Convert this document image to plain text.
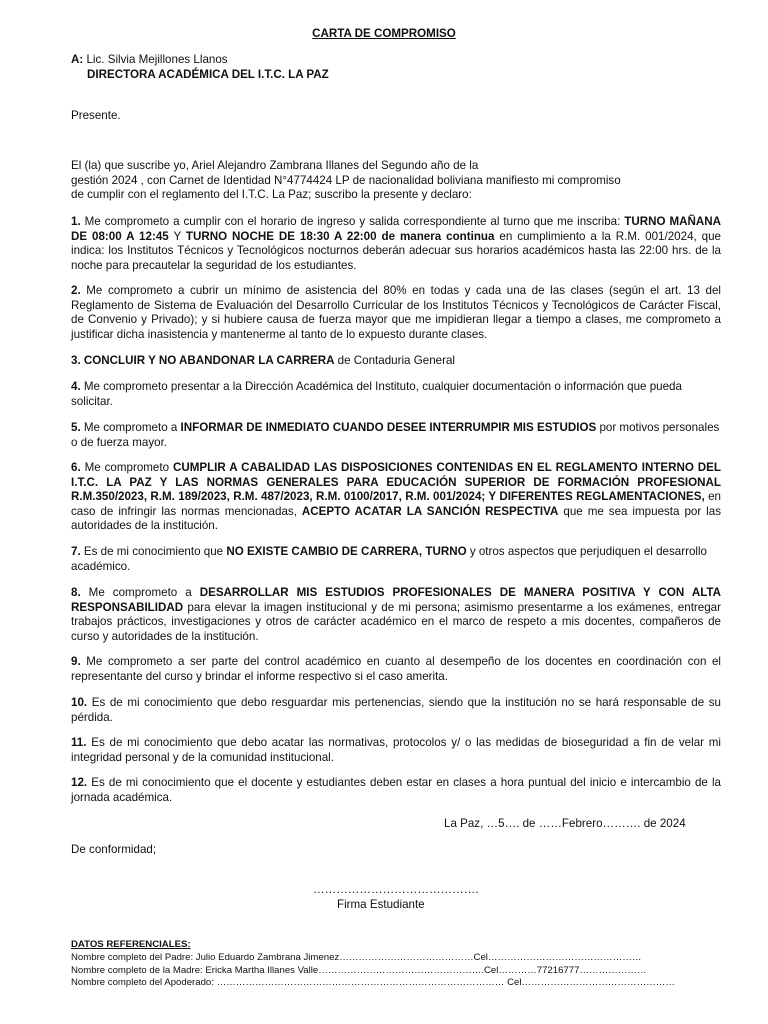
CARTA DE COMPROMISO
A: Lic. Silvia Mejillones Llanos
DIRECTORA ACADÉMICA DEL I.T.C. LA PAZ
Presente.
El (la) que suscribe yo, Ariel Alejandro Zambrana Illanes del Segundo año de la
gestión 2024 , con Carnet de Identidad N°4774424 LP de nacionalidad boliviana manifiesto mi compromiso
de cumplir con el reglamento del I.T.C. La Paz; suscribo la presente y declaro:
1. Me comprometo a cumplir con el horario de ingreso y salida correspondiente al turno que me inscriba: TURNO MAÑANA DE 08:00 A 12:45 Y TURNO NOCHE DE 18:30 A 22:00 de manera continua en cumplimiento a la R.M. 001/2024, que indica: los Institutos Técnicos y Tecnológicos nocturnos deberán adecuar sus horarios académicos hasta las 22:00 hrs. de la noche para precautelar la seguridad de los estudiantes.
2. Me comprometo a cubrir un mínimo de asistencia del 80% en todas y cada una de las clases (según el art. 13 del Reglamento de Sistema de Evaluación del Desarrollo Curricular de los Institutos Técnicos y Tecnológicos de Carácter Fiscal, de Convenio y Privado); y si hubiere causa de fuerza mayor que me impidieran llegar a tiempo a clases, me comprometo a justificar dicha inasistencia y mantenerme al tanto de lo expuesto durante clases.
3. CONCLUIR Y NO ABANDONAR LA CARRERA de Contaduria General
4. Me comprometo presentar a la Dirección Académica del Instituto, cualquier documentación o información que pueda solicitar.
5. Me comprometo a INFORMAR DE INMEDIATO CUANDO DESEE INTERRUMPIR MIS ESTUDIOS por motivos personales o de fuerza mayor.
6. Me comprometo CUMPLIR A CABALIDAD LAS DISPOSICIONES CONTENIDAS EN EL REGLAMENTO INTERNO DEL I.T.C. LA PAZ Y LAS NORMAS GENERALES PARA EDUCACIÓN SUPERIOR DE FORMACIÓN PROFESIONAL R.M.350/2023, R.M. 189/2023, R.M. 487/2023, R.M. 0100/2017, R.M. 001/2024; Y DIFERENTES REGLAMENTACIONES, en caso de infringir las normas mencionadas, ACEPTO ACATAR LA SANCIÓN RESPECTIVA que me sea impuesta por las autoridades de la institución.
7. Es de mi conocimiento que NO EXISTE CAMBIO DE CARRERA, TURNO y otros aspectos que perjudiquen el desarrollo académico.
8. Me comprometo a DESARROLLAR MIS ESTUDIOS PROFESIONALES DE MANERA POSITIVA Y CON ALTA RESPONSABILIDAD para elevar la imagen institucional y de mi persona; asimismo presentarme a los exámenes, entregar trabajos prácticos, investigaciones y otros de carácter académico en el marco de respeto a mis docentes, compañeros de curso y autoridades de la institución.
9. Me comprometo a ser parte del control académico en cuanto al desempeño de los docentes en coordinación con el representante del curso y brindar el informe respectivo si el caso amerita.
10. Es de mi conocimiento que debo resguardar mis pertenencias, siendo que la institución no se hará responsable de su pérdida.
11. Es de mi conocimiento que debo acatar las normativas, protocolos y/ o las medidas de bioseguridad a fin de velar mi integridad personal y de la comunidad institucional.
12. Es de mi conocimiento que el docente y estudiantes deben estar en clases a hora puntual del inicio e intercambio de la jornada académica.
La Paz, …5…. de ……Febrero………. de 2024
De conformidad;
…………………………………….
Firma Estudiante
DATOS REFERENCIALES:
Nombre completo del Padre: Julio Eduardo Zambrana Jimenez……………………………………Cel…………………………………………
Nombre completo de la Madre: Ericka Martha Illanes Valle…………………………………………….Cel…………77216777…………………
Nombre completo del Apoderado: ……………………………………………………………………………… Cel…………………………………………
